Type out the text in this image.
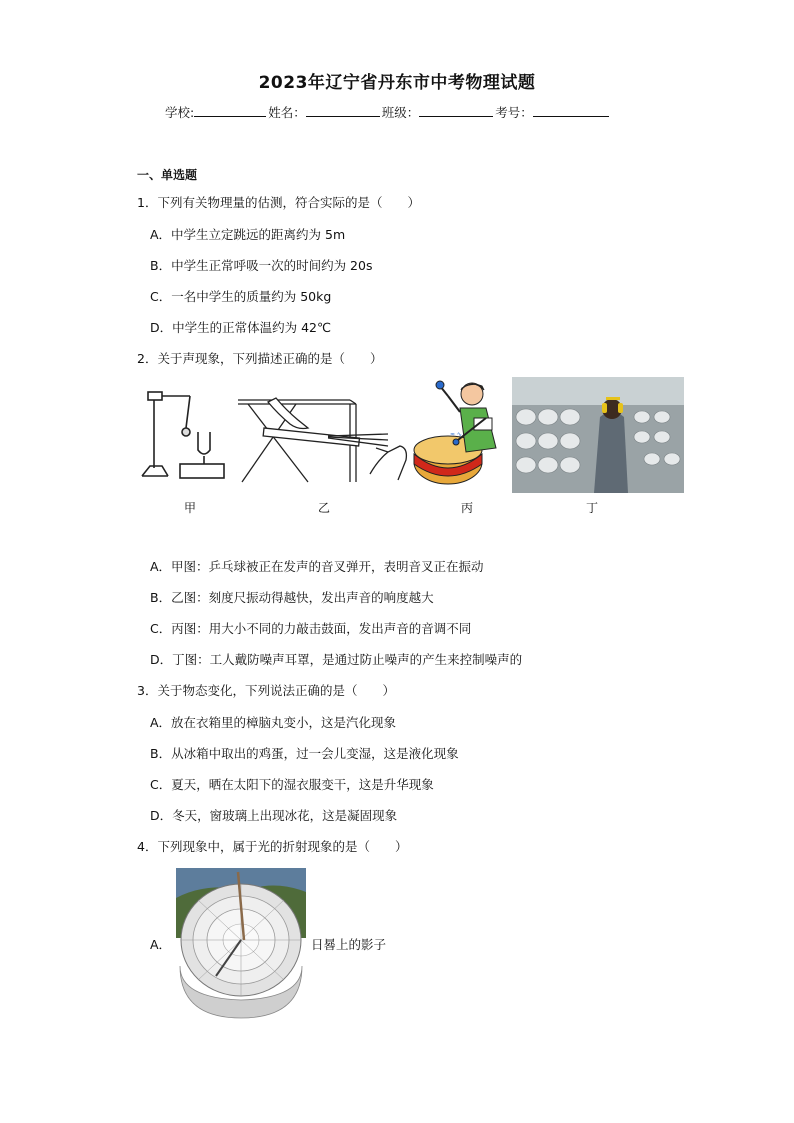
2023年辽宁省丹东市中考物理试题
学校:	姓名：	班级：	考号：
一、单选题
1．下列有关物理量的估测，符合实际的是（　　）
A．中学生立定跳远的距离约为 5m
B．中学生正常呼吸一次的时间约为 20s
C．一名中学生的质量约为 50kg
D．中学生的正常体温约为 42℃
2．关于声现象，下列描述正确的是（　　）
≈ ∿
甲	乙	丙	丁
A．甲图：乒乓球被正在发声的音叉弹开，表明音叉正在振动
B．乙图：刻度尺振动得越快，发出声音的响度越大
C．丙图：用大小不同的力敲击鼓面，发出声音的音调不同
D．丁图：工人戴防噪声耳罩，是通过防止噪声的产生来控制噪声的
3．关于物态变化，下列说法正确的是（　　）
A．放在衣箱里的樟脑丸变小，这是汽化现象
B．从冰箱中取出的鸡蛋，过一会儿变湿，这是液化现象
C．夏天，晒在太阳下的湿衣服变干，这是升华现象
D．冬天，窗玻璃上出现冰花，这是凝固现象
4．下列现象中，属于光的折射现象的是（　　）
A．	日晷上的影子
